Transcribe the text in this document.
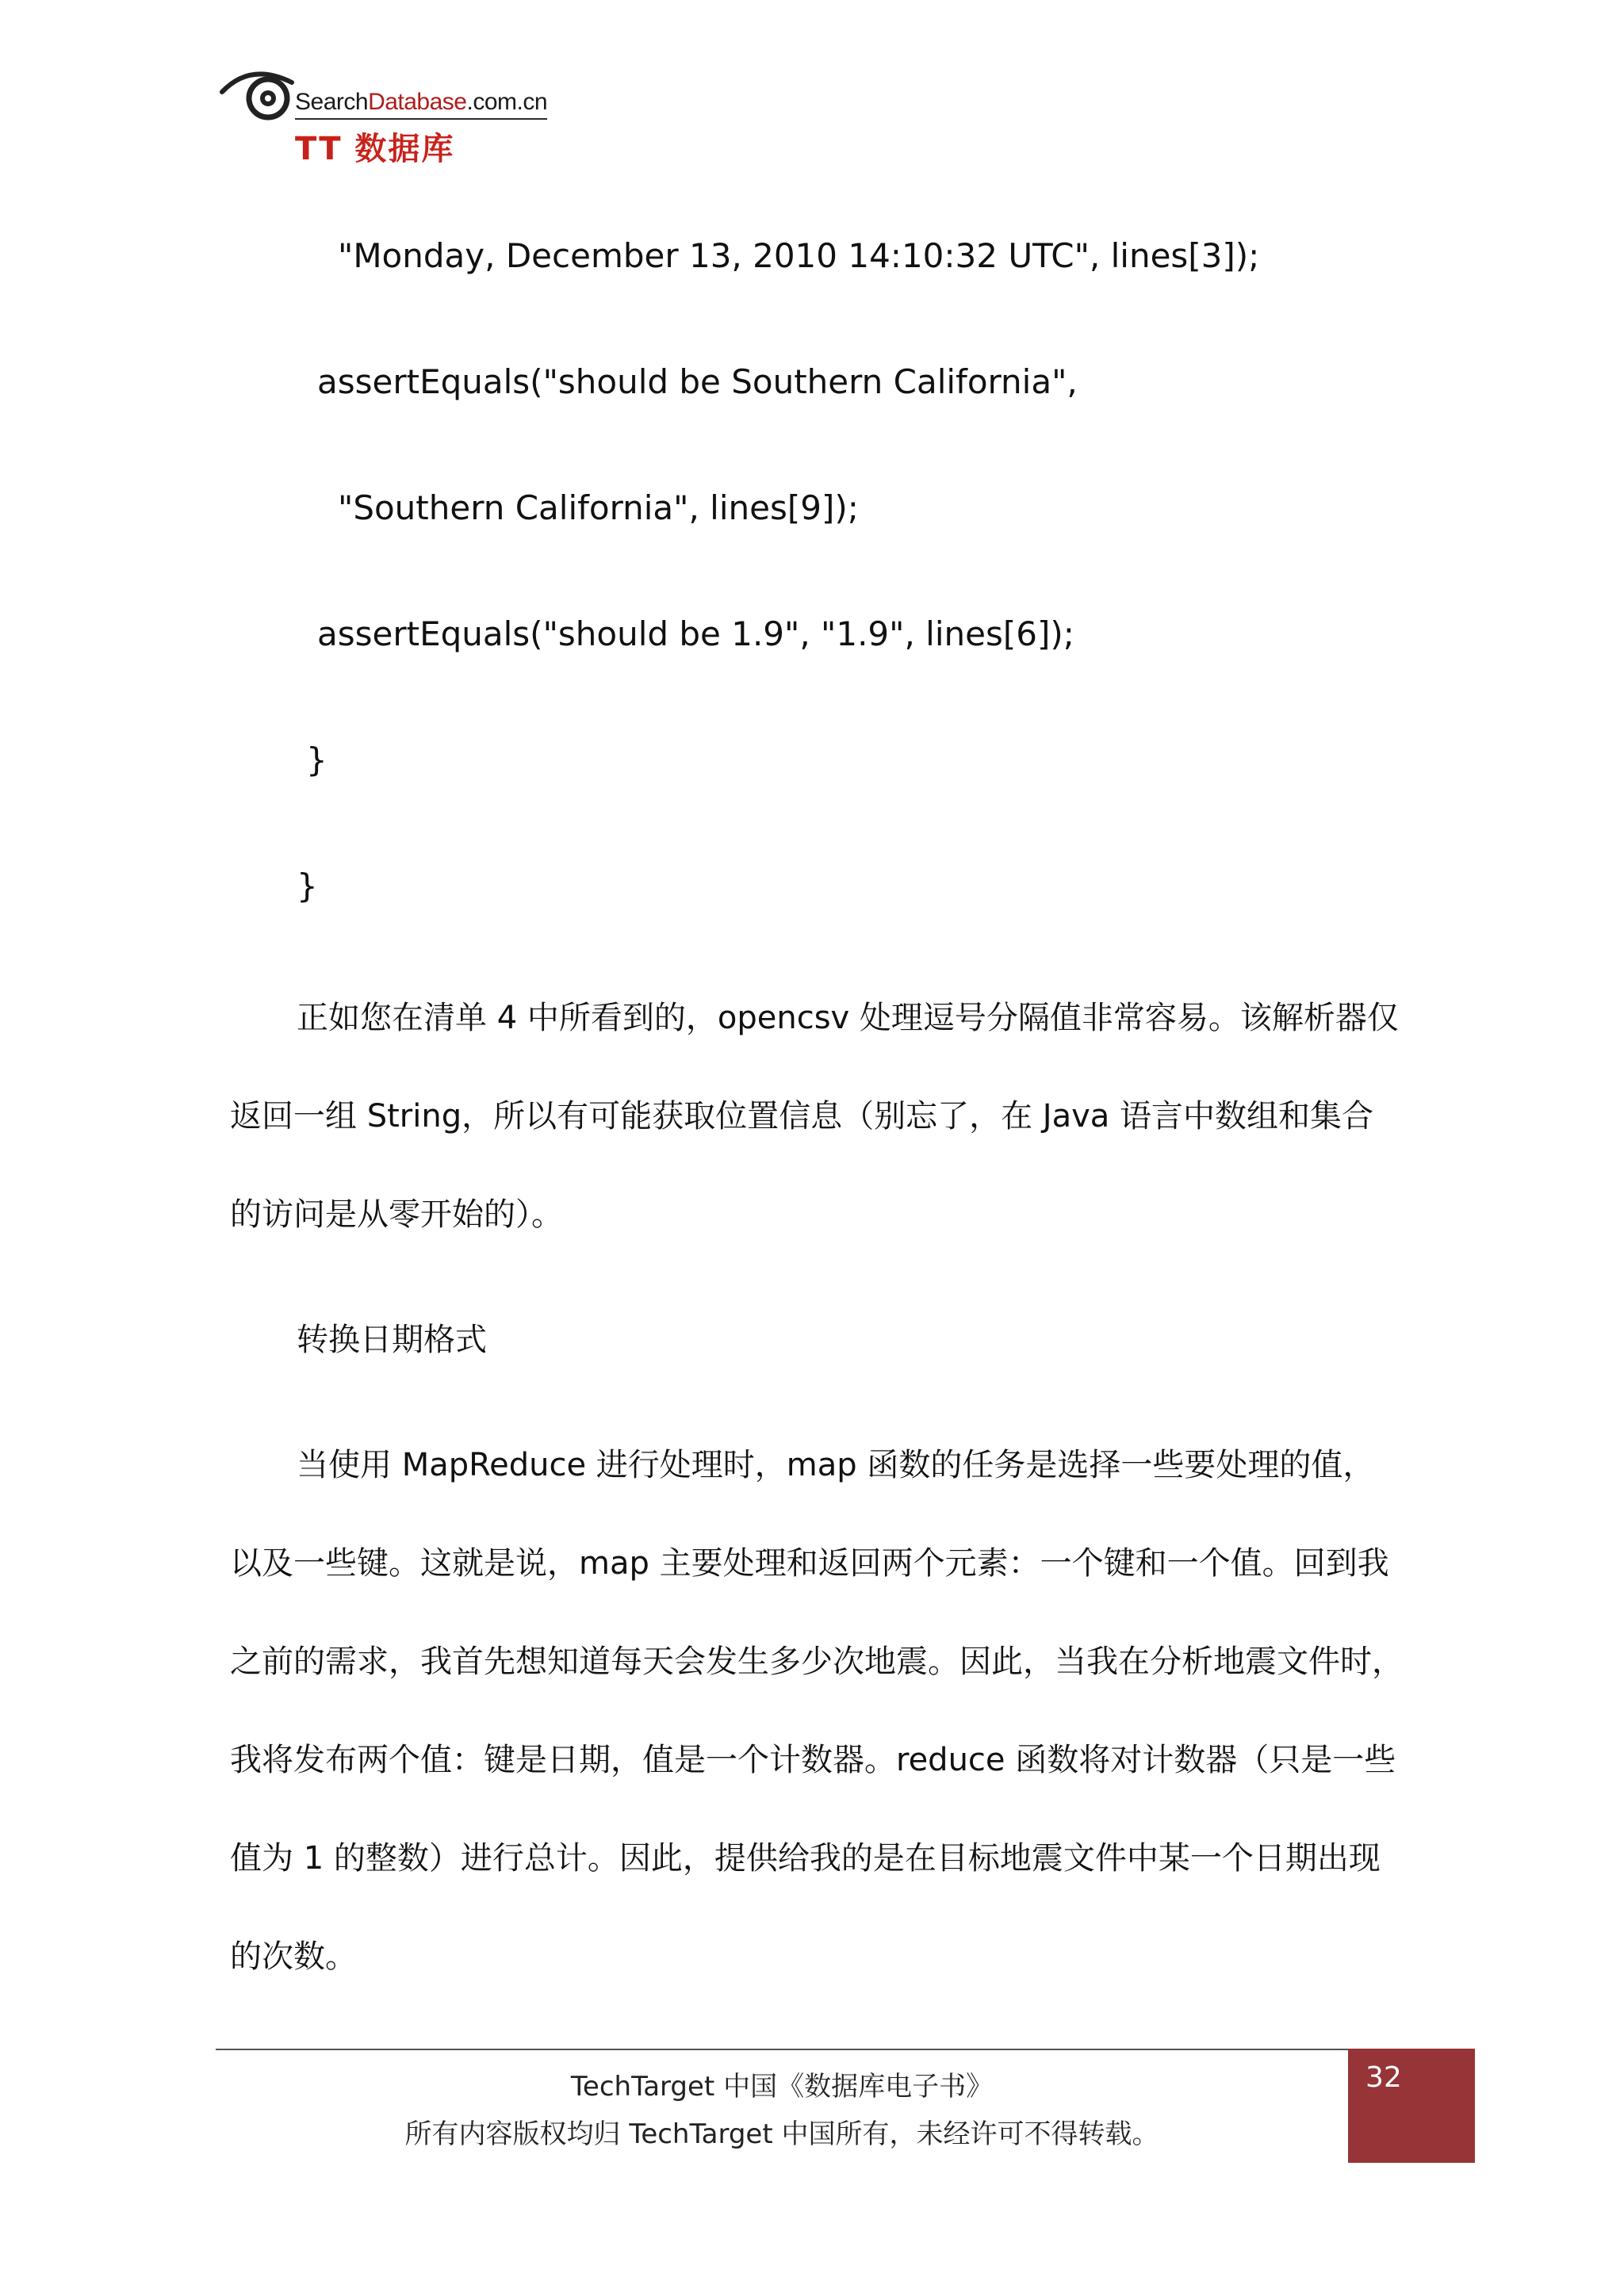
SearchDatabase.com.cn
TT 数据库
"Monday, December 13, 2010 14:10:32 UTC", lines[3]);
assertEquals("should be Southern California",
"Southern California", lines[9]);
assertEquals("should be 1.9", "1.9", lines[6]);
}
}
正如您在清单 4 中所看到的，opencsv 处理逗号分隔值非常容易。该解析器仅
返回一组 String，所以有可能获取位置信息（别忘了，在 Java 语言中数组和集合
的访问是从零开始的）。
转换日期格式
当使用 MapReduce 进行处理时，map 函数的任务是选择一些要处理的值，
以及一些键。这就是说，map 主要处理和返回两个元素：一个键和一个值。回到我
之前的需求，我首先想知道每天会发生多少次地震。因此，当我在分析地震文件时，
我将发布两个值：键是日期，值是一个计数器。reduce 函数将对计数器（只是一些
值为 1 的整数）进行总计。因此，提供给我的是在目标地震文件中某一个日期出现
的次数。
TechTarget 中国《数据库电子书》
所有内容版权均归 TechTarget 中国所有，未经许可不得转载。
32
